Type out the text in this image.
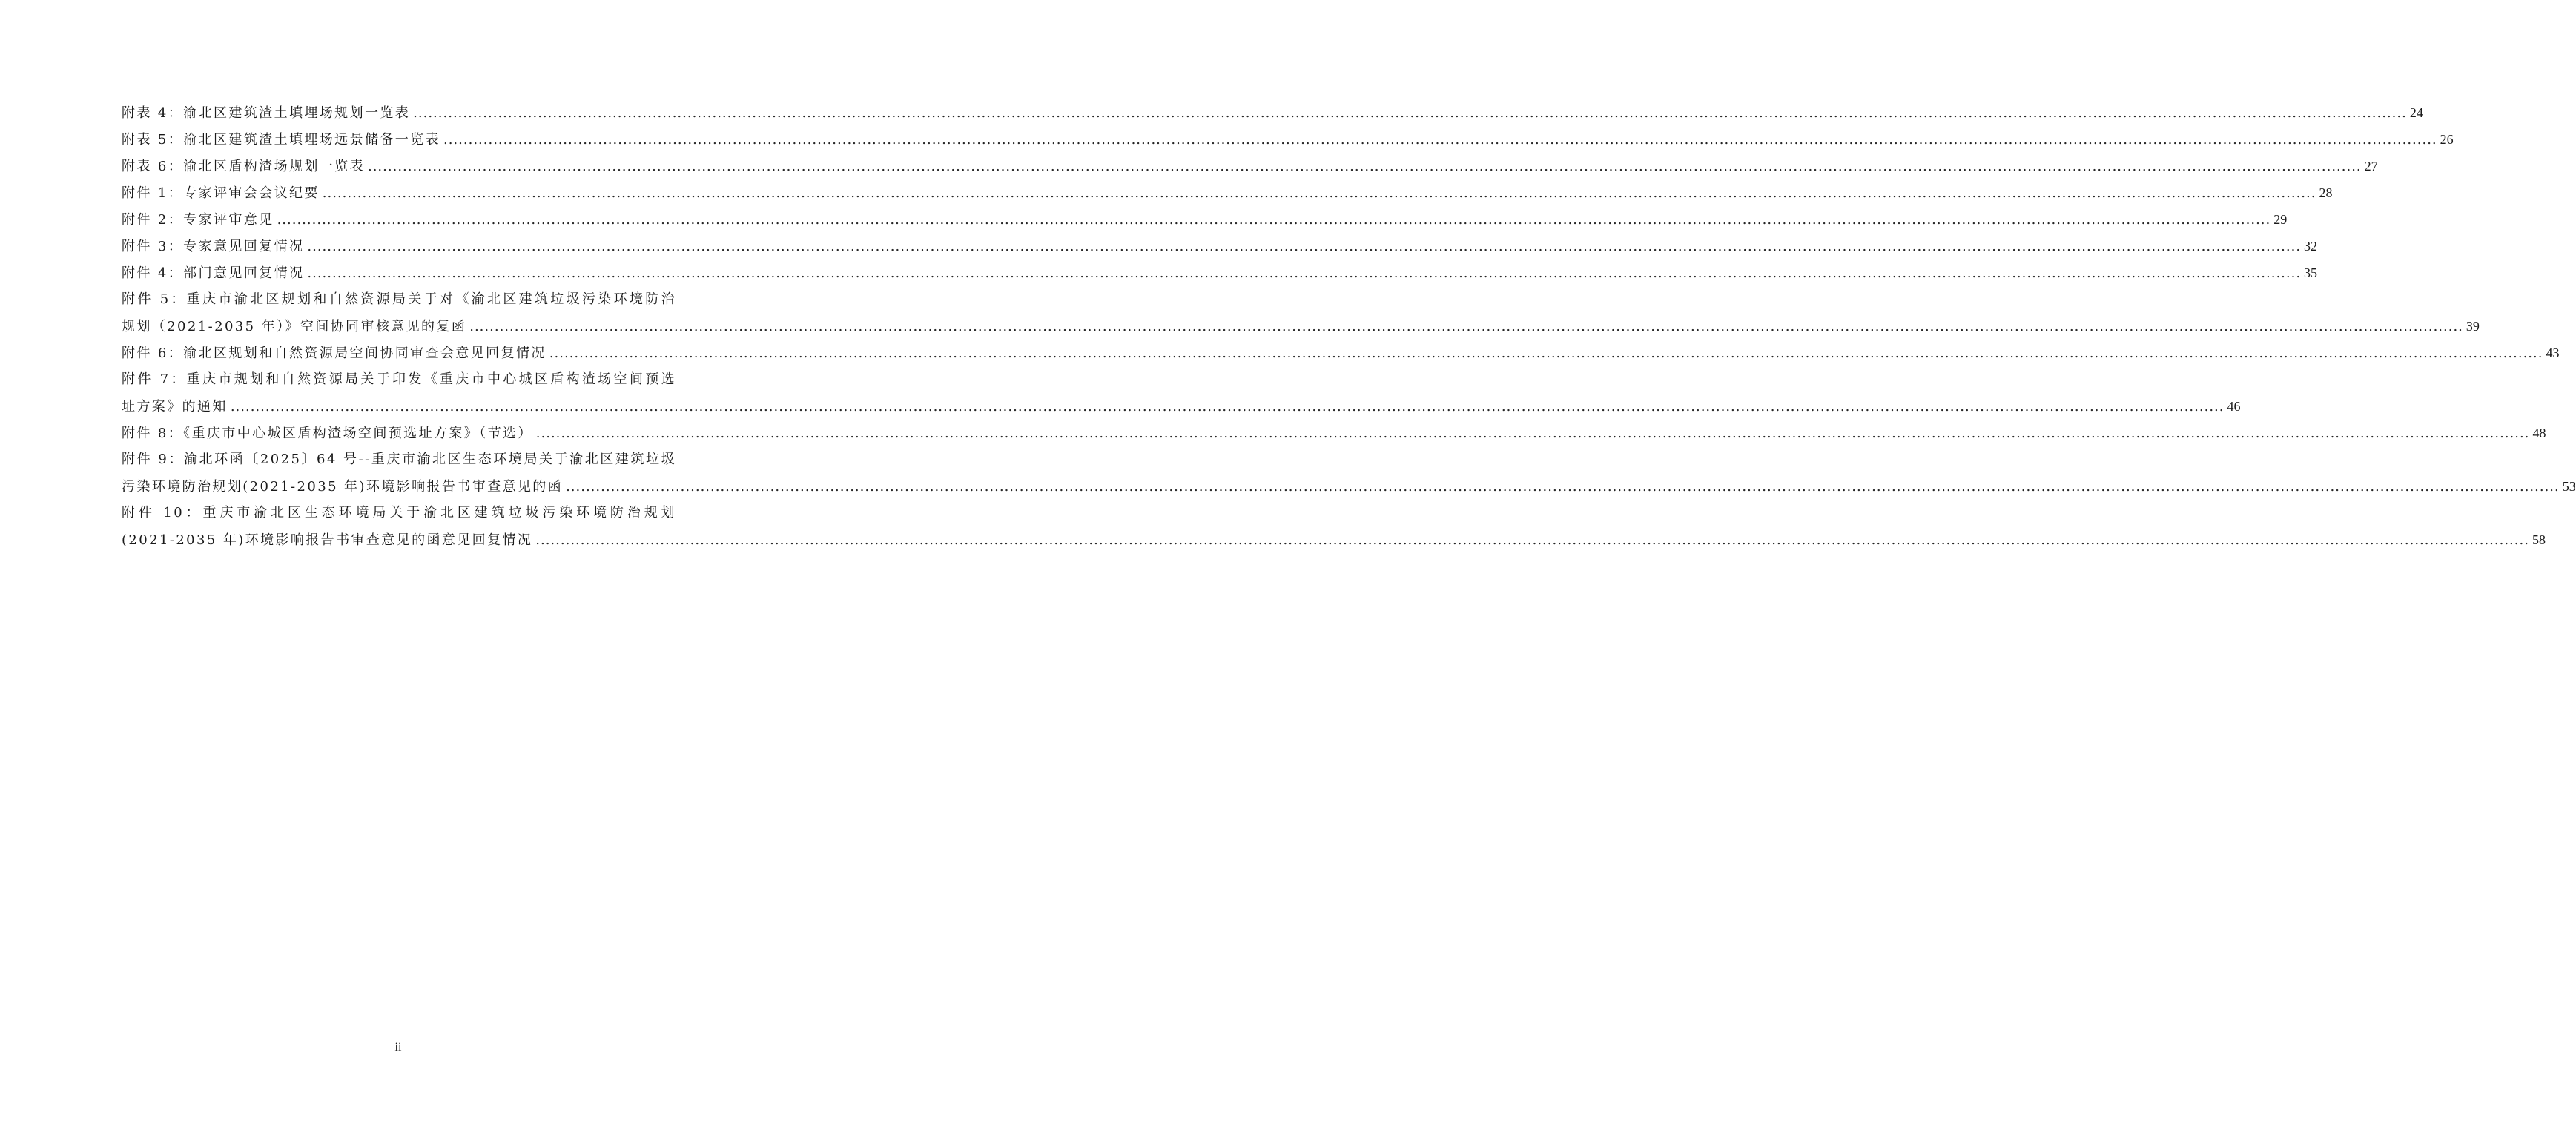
附表 4：渝北区建筑渣土填埋场规划一览表 ................................................................................................................................................................................................................................................................................................................................................................................................................ 24
附表 5：渝北区建筑渣土填埋场远景储备一览表 ................................................................................................................................................................................................................................................................................................................................................................................................................ 26
附表 6：渝北区盾构渣场规划一览表 ................................................................................................................................................................................................................................................................................................................................................................................................................ 27
附件 1：专家评审会会议纪要 ................................................................................................................................................................................................................................................................................................................................................................................................................ 28
附件 2：专家评审意见 ................................................................................................................................................................................................................................................................................................................................................................................................................ 29
附件 3：专家意见回复情况 ................................................................................................................................................................................................................................................................................................................................................................................................................ 32
附件 4：部门意见回复情况 ................................................................................................................................................................................................................................................................................................................................................................................................................ 35
附件 5：重庆市渝北区规划和自然资源局关于对《渝北区建筑垃圾污染环境防治
规划（2021-2035 年）》空间协同审核意见的复函 ................................................................................................................................................................................................................................................................................................................................................................................................................ 39
附件 6：渝北区规划和自然资源局空间协同审查会意见回复情况 ................................................................................................................................................................................................................................................................................................................................................................................................................ 43
附件 7：重庆市规划和自然资源局关于印发《重庆市中心城区盾构渣场空间预选
址方案》的通知 ................................................................................................................................................................................................................................................................................................................................................................................................................ 46
附件 8：《重庆市中心城区盾构渣场空间预选址方案》（节选） ................................................................................................................................................................................................................................................................................................................................................................................................................ 48
附件 9：渝北环函〔2025〕64 号--重庆市渝北区生态环境局关于渝北区建筑垃圾
污染环境防治规划(2021-2035 年)环境影响报告书审查意见的函 ................................................................................................................................................................................................................................................................................................................................................................................................................ 53
附件 10：重庆市渝北区生态环境局关于渝北区建筑垃圾污染环境防治规划
(2021-2035 年)环境影响报告书审查意见的函意见回复情况 ................................................................................................................................................................................................................................................................................................................................................................................................................ 58
ii
